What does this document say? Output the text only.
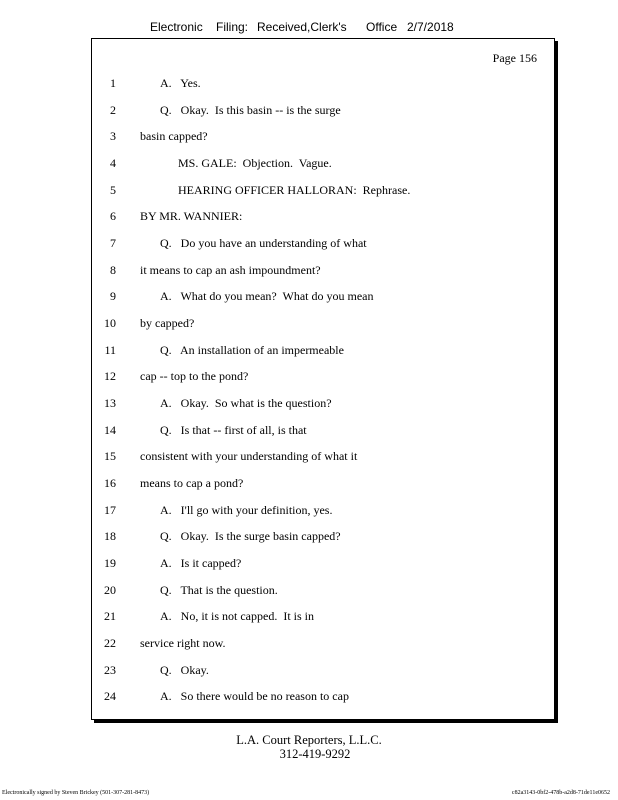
Electronic Filing: Received,Clerk's Office 2/7/2018
Page 156
1	A.   Yes.
2	Q.   Okay.  Is this basin -- is the surge
3 basin capped?
4	MS. GALE:  Objection.  Vague.
5	HEARING OFFICER HALLORAN:  Rephrase.
6 BY MR. WANNIER:
7	Q.   Do you have an understanding of what
8 it means to cap an ash impoundment?
9	A.   What do you mean?  What do you mean
10 by capped?
11	Q.   An installation of an impermeable
12 cap -- top to the pond?
13	A.   Okay.  So what is the question?
14	Q.   Is that -- first of all, is that
15 consistent with your understanding of what it
16 means to cap a pond?
17	A.   I'll go with your definition, yes.
18	Q.   Okay.  Is the surge basin capped?
19	A.   Is it capped?
20	Q.   That is the question.
21	A.   No, it is not capped.  It is in
22 service right now.
23	Q.   Okay.
24	A.   So there would be no reason to cap
L.A. Court Reporters, L.L.C.
312-419-9292
Electronically signed by Steven Brickey (501-307-281-8473)	c82a3143-0bf2-478b-a2d8-71de11e0652
